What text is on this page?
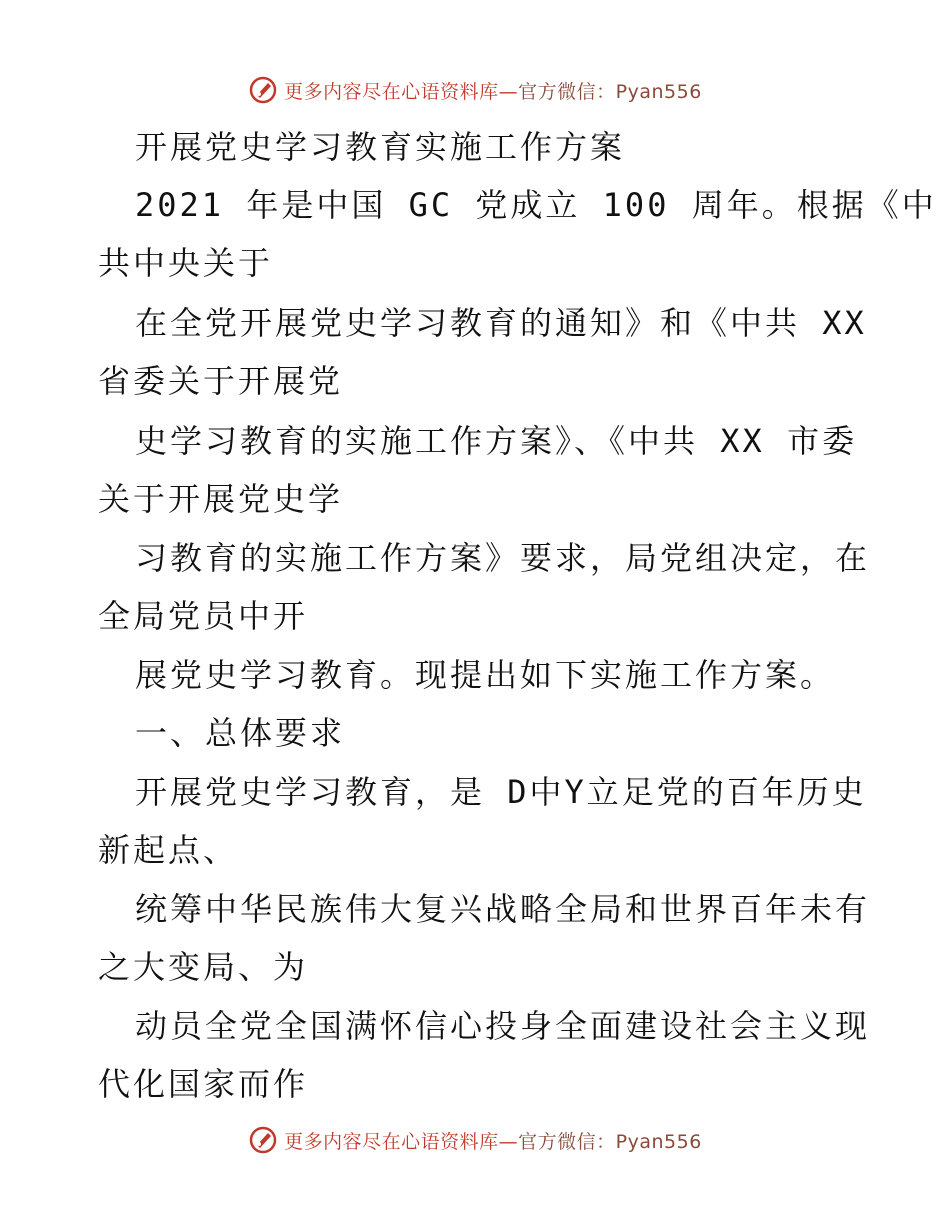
更多内容尽在心语资料库—官方微信：Pyan556
开展党史学习教育实施工作方案
2021 年是中国 GC 党成立 100 周年。根据《中
共中央关于
在全党开展党史学习教育的通知》和《中共 XX
省委关于开展党
史学习教育的实施工作方案》、《中共 XX 市委
关于开展党史学
习教育的实施工作方案》要求，局党组决定，在
全局党员中开
展党史学习教育。现提出如下实施工作方案。
一、总体要求
开展党史学习教育，是 D中Y立足党的百年历史
新起点、
统筹中华民族伟大复兴战略全局和世界百年未有
之大变局、为
动员全党全国满怀信心投身全面建设社会主义现
代化国家而作
更多内容尽在心语资料库—官方微信：Pyan556
